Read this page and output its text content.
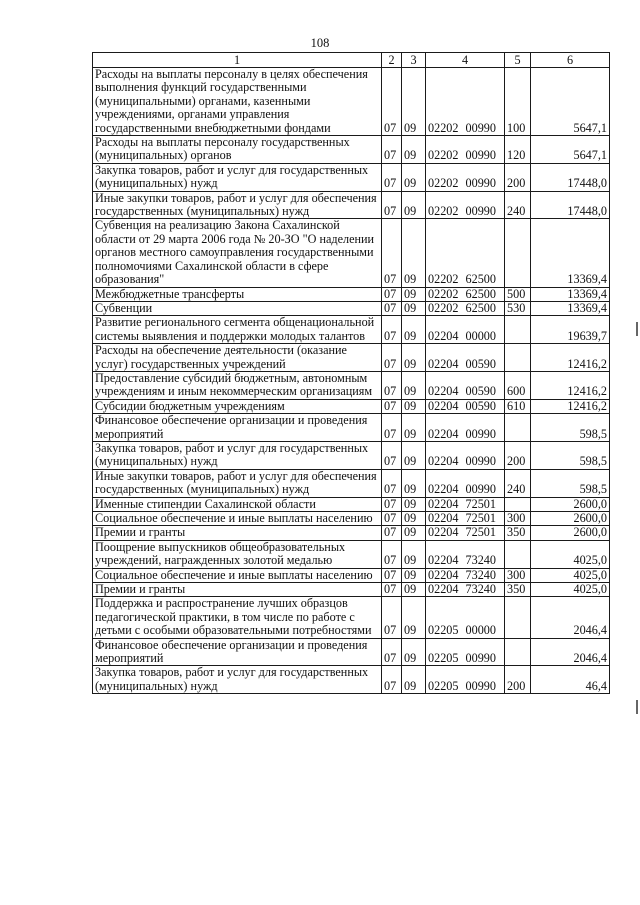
108
1	2	3	4	5	6
Расходы на выплаты персоналу в целях обеспечения выполнения функций государственными (муниципальными) органами, казенными учреждениями, органами управления государственными внебюджетными фондами	07	09	02202 00990	100	5647,1
Расходы на выплаты персоналу государственных (муниципальных) органов	07	09	02202 00990	120	5647,1
Закупка товаров, работ и услуг для государственных (муниципальных) нужд	07	09	02202 00990	200	17448,0
Иные закупки товаров, работ и услуг для обеспечения государственных (муниципальных) нужд	07	09	02202 00990	240	17448,0
Субвенция на реализацию Закона Сахалинской области от 29 марта 2006 года № 20-ЗО "О наделении органов местного самоуправления государственными полномочиями Сахалинской области в сфере образования"	07	09	02202 62500		13369,4
Межбюджетные трансферты	07	09	02202 62500	500	13369,4
Субвенции	07	09	02202 62500	530	13369,4
Развитие регионального сегмента общенациональной системы выявления и поддержки молодых талантов	07	09	02204 00000		19639,7
Расходы на обеспечение деятельности (оказание услуг) государственных учреждений	07	09	02204 00590		12416,2
Предоставление субсидий бюджетным, автономным учреждениям и иным некоммерческим организациям	07	09	02204 00590	600	12416,2
Субсидии бюджетным учреждениям	07	09	02204 00590	610	12416,2
Финансовое обеспечение организации и проведения мероприятий	07	09	02204 00990		598,5
Закупка товаров, работ и услуг для государственных (муниципальных) нужд	07	09	02204 00990	200	598,5
Иные закупки товаров, работ и услуг для обеспечения государственных (муниципальных) нужд	07	09	02204 00990	240	598,5
Именные стипендии Сахалинской области	07	09	02204 72501		2600,0
Социальное обеспечение и иные выплаты населению	07	09	02204 72501	300	2600,0
Премии и гранты	07	09	02204 72501	350	2600,0
Поощрение выпускников общеобразовательных учреждений, награжденных золотой медалью	07	09	02204 73240		4025,0
Социальное обеспечение и иные выплаты населению	07	09	02204 73240	300	4025,0
Премии и гранты	07	09	02204 73240	350	4025,0
Поддержка и распространение лучших образцов педагогической практики, в том числе по работе с детьми с особыми образовательными потребностями	07	09	02205 00000		2046,4
Финансовое обеспечение организации и проведения мероприятий	07	09	02205 00990		2046,4
Закупка товаров, работ и услуг для государственных (муниципальных) нужд	07	09	02205 00990	200	46,4
